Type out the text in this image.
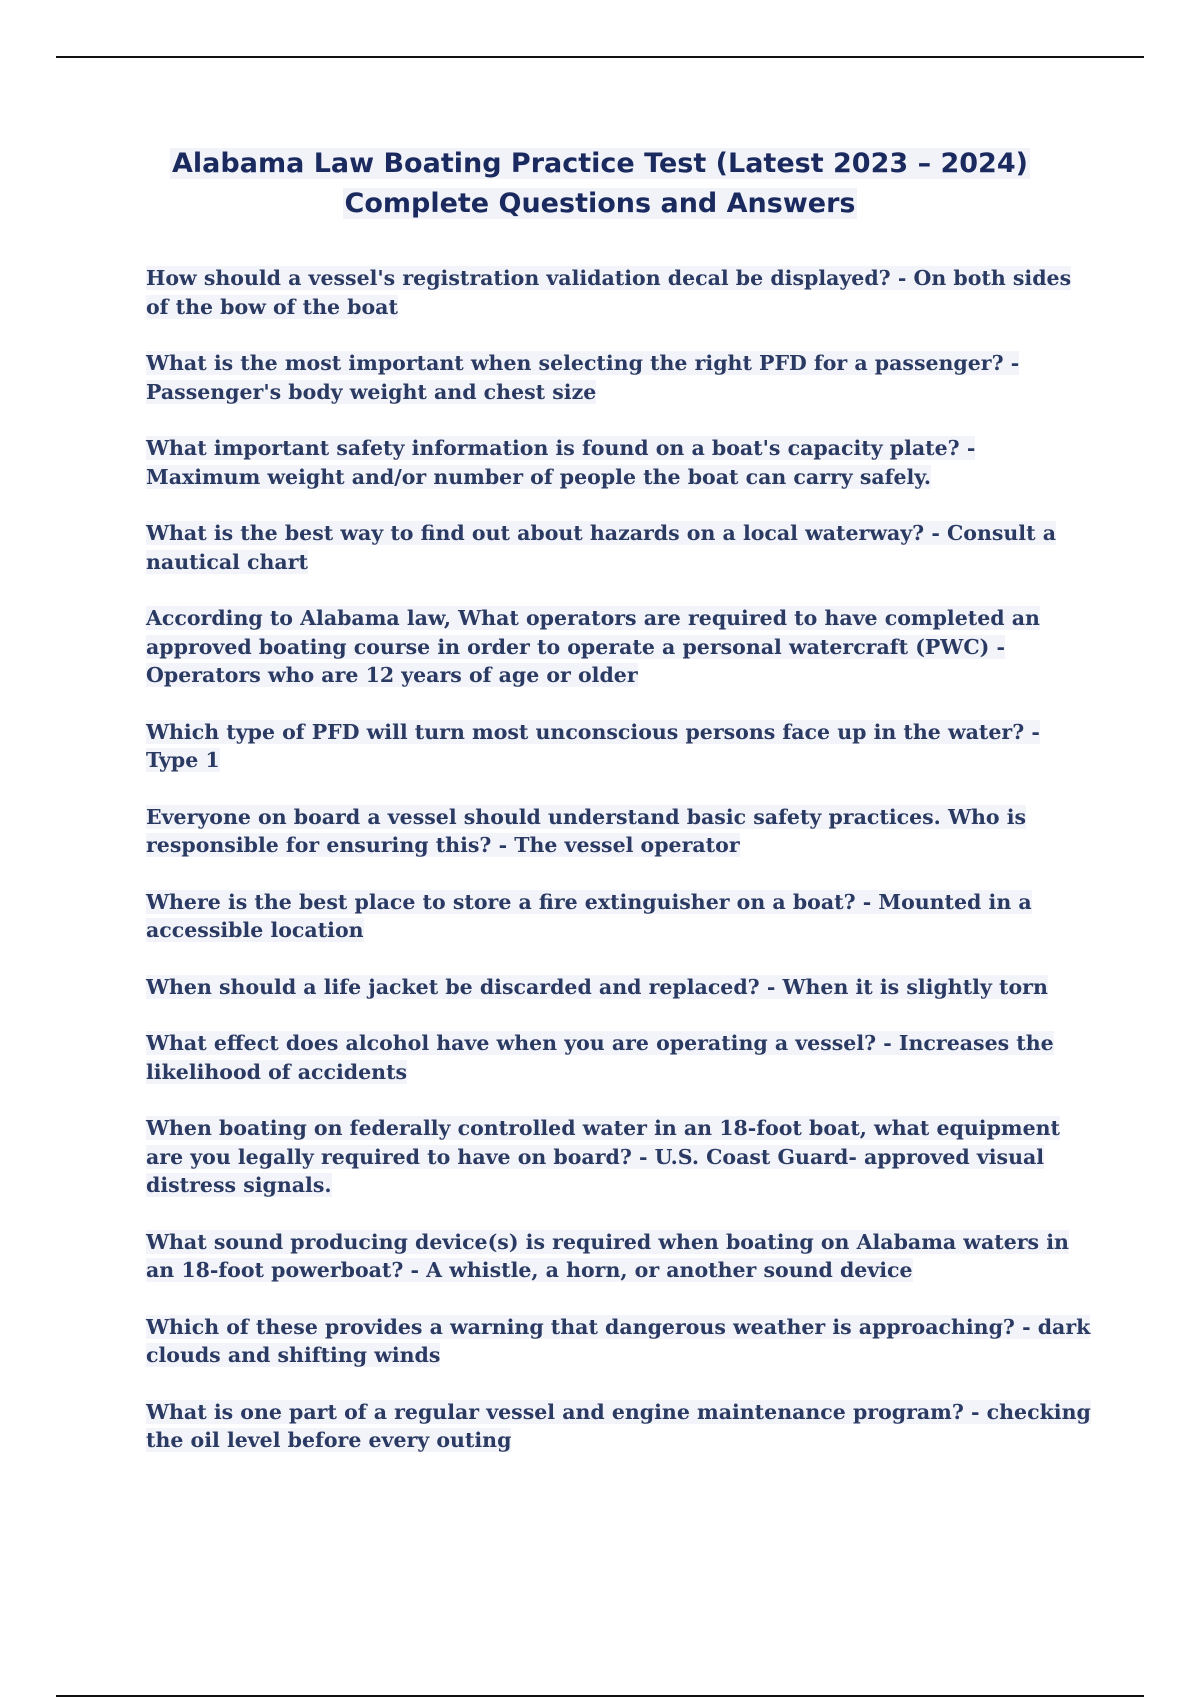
Alabama Law Boating Practice Test (Latest 2023 – 2024)
Complete Questions and Answers

How should a vessel's registration validation decal be displayed? - On both sides of the bow of the boat

What is the most important when selecting the right PFD for a passenger? - Passenger's body weight and chest size

What important safety information is found on a boat's capacity plate? - Maximum weight and/or number of people the boat can carry safely.

What is the best way to find out about hazards on a local waterway? - Consult a nautical chart

According to Alabama law, What operators are required to have completed an approved boating course in order to operate a personal watercraft (PWC) - Operators who are 12 years of age or older

Which type of PFD will turn most unconscious persons face up in the water? - Type 1

Everyone on board a vessel should understand basic safety practices. Who is responsible for ensuring this? - The vessel operator

Where is the best place to store a fire extinguisher on a boat? - Mounted in a accessible location

When should a life jacket be discarded and replaced? - When it is slightly torn

What effect does alcohol have when you are operating a vessel? - Increases the likelihood of accidents

When boating on federally controlled water in an 18-foot boat, what equipment are you legally required to have on board? - U.S. Coast Guard- approved visual distress signals.

What sound producing device(s) is required when boating on Alabama waters in an 18-foot powerboat? - A whistle, a horn, or another sound device

Which of these provides a warning that dangerous weather is approaching? - dark clouds and shifting winds

What is one part of a regular vessel and engine maintenance program? - checking the oil level before every outing
